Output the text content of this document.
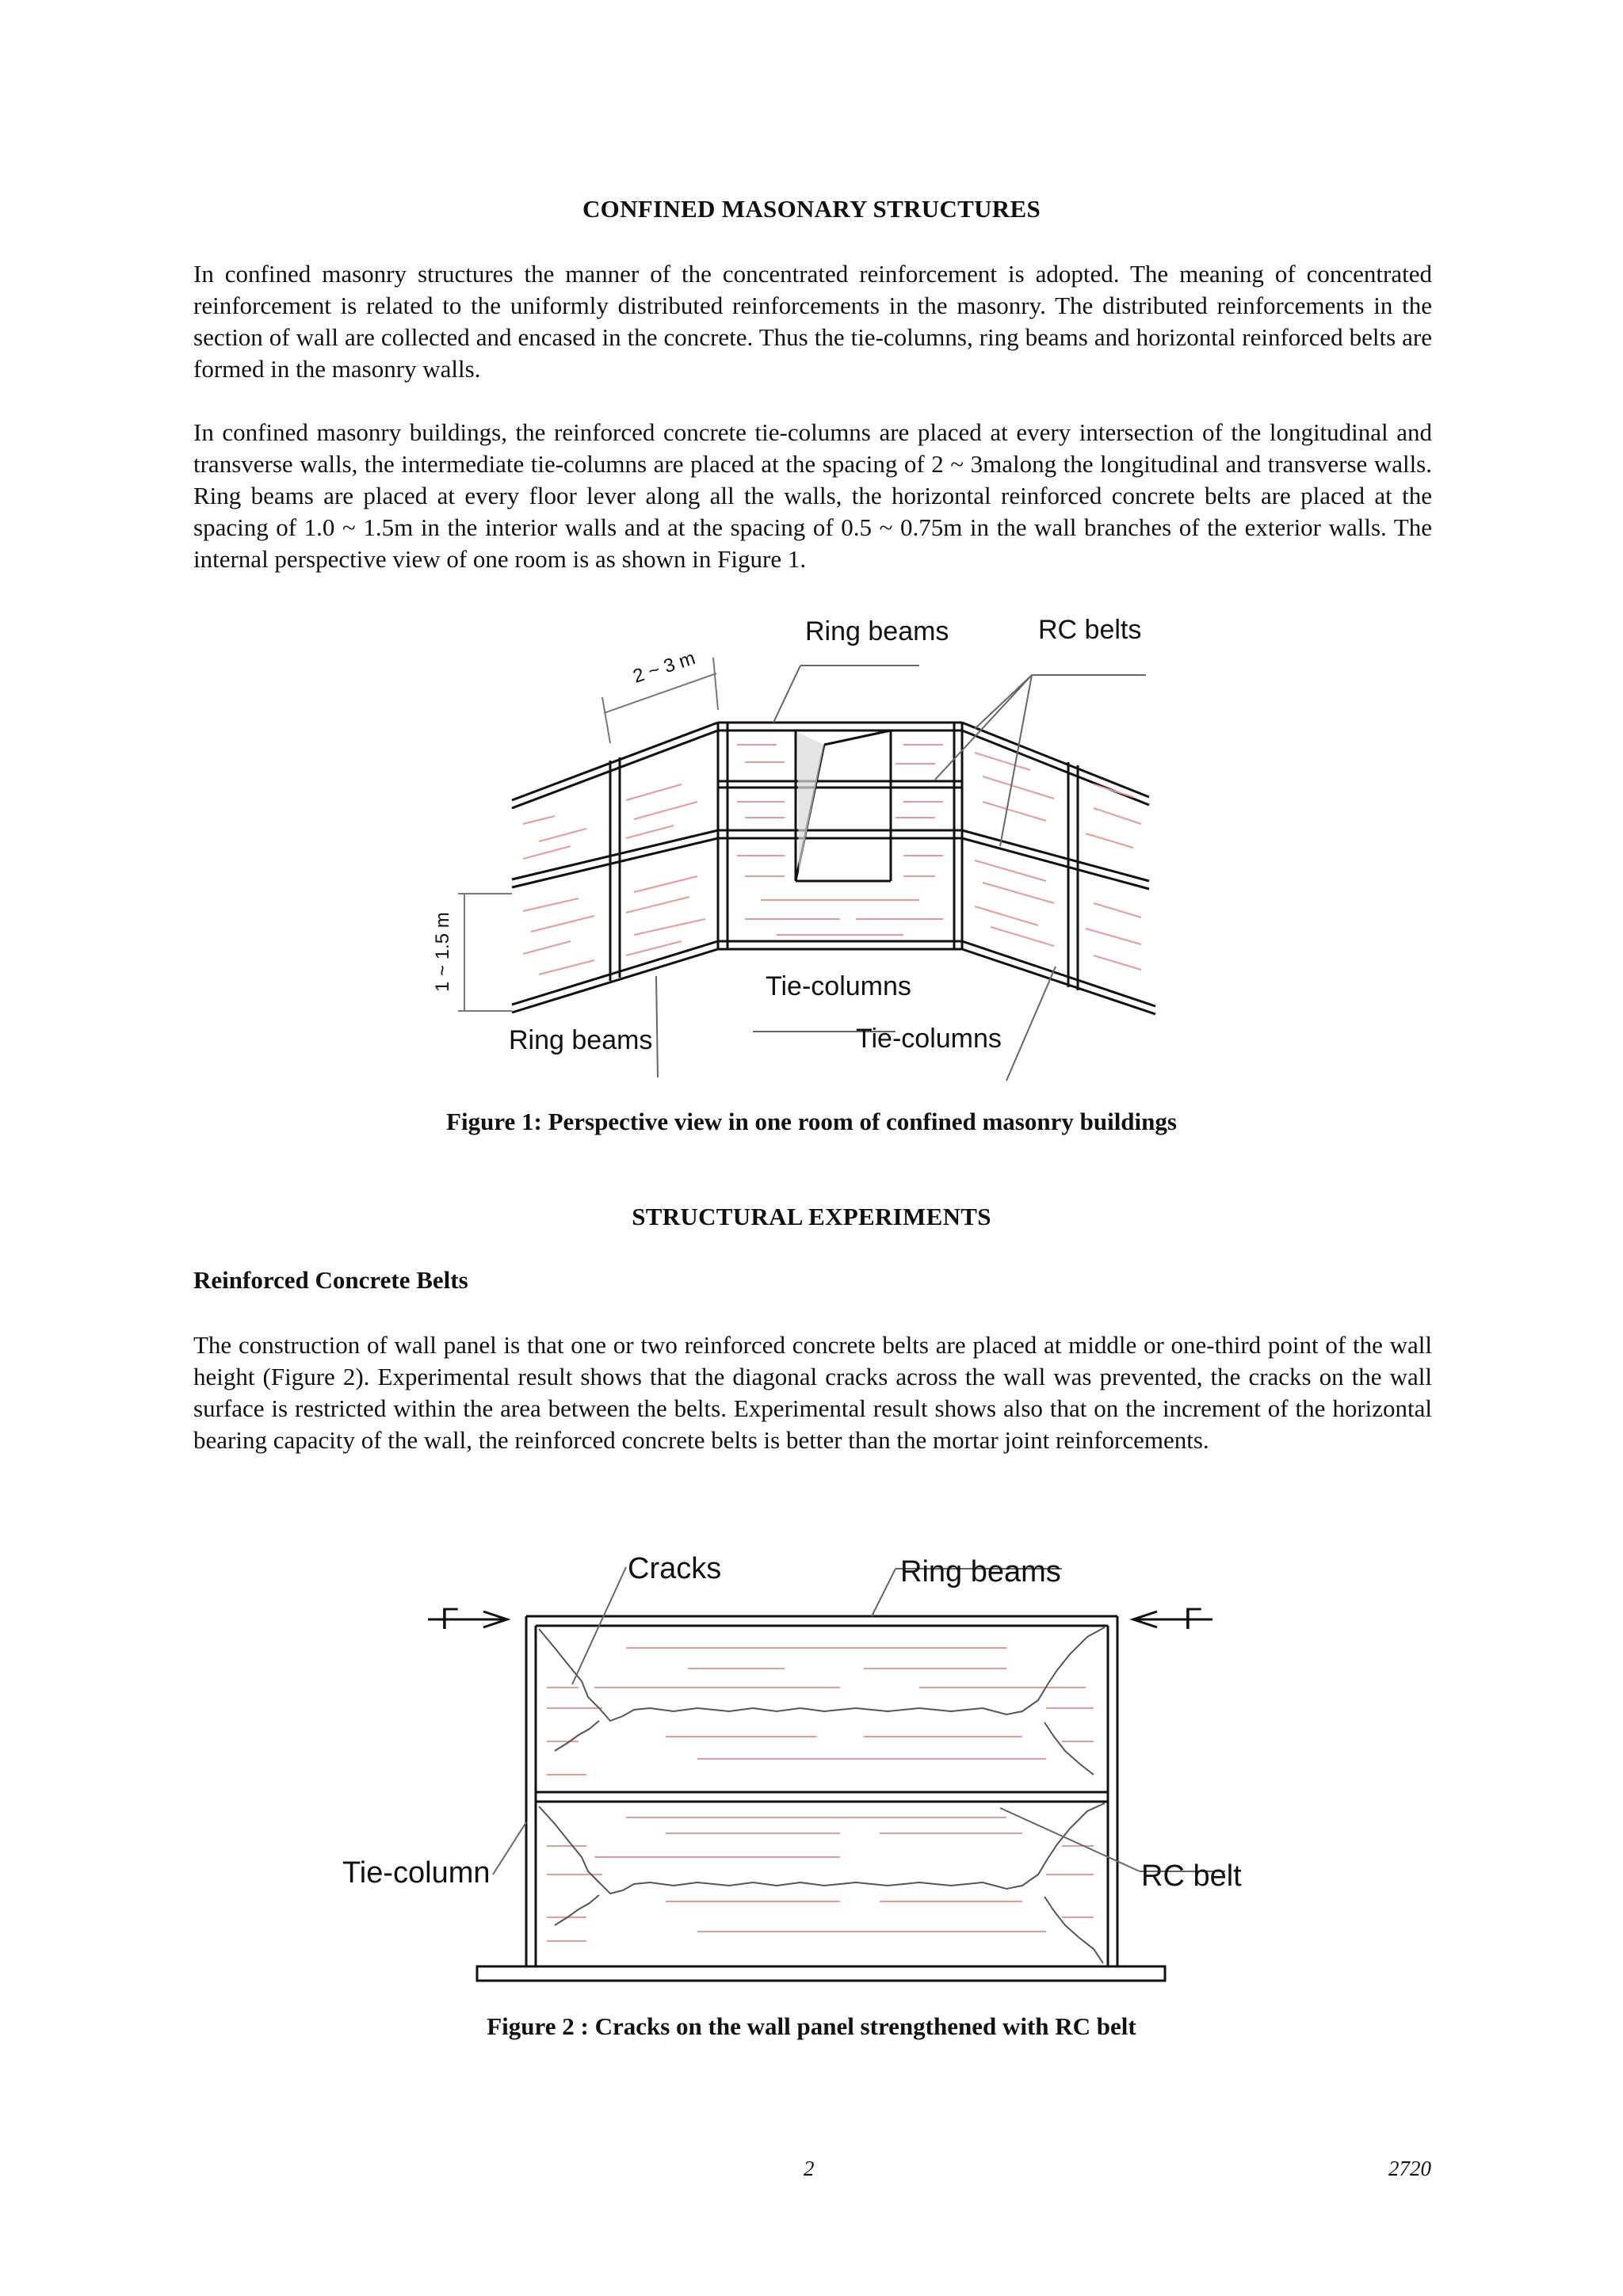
CONFINED MASONARY STRUCTURES
In confined masonry structures the manner of the concentrated reinforcement is adopted. The meaning of concentrated reinforcement is related to the uniformly distributed reinforcements in the masonry. The distributed reinforcements in the section of wall are collected and encased in the concrete. Thus the tie-columns, ring beams and horizontal reinforced belts are formed in the masonry walls.
In confined masonry buildings, the reinforced concrete tie-columns are placed at every intersection of the longitudinal and transverse walls, the intermediate tie-columns are placed at the spacing of 2 ~ 3malong the longitudinal and transverse walls. Ring beams are placed at every floor lever along all the walls, the horizontal reinforced concrete belts are placed at the spacing of 1.0 ~ 1.5m in the interior walls and at the spacing of 0.5 ~ 0.75m in the wall branches of the exterior walls. The internal perspective view of one room is as shown in Figure 1.
Ring beams	RC belts
2 ~ 3 m
1 ~ 1.5 m	Tie-columns
Tie-columns
Ring beams
Figure 1: Perspective view in one room of confined masonry buildings
STRUCTURAL EXPERIMENTS
Reinforced Concrete Belts
The construction of wall panel is that one or two reinforced concrete belts are placed at middle or one-third point of the wall height (Figure 2). Experimental result shows that the diagonal cracks across the wall was prevented, the cracks on the wall surface is restricted within the area between the belts. Experimental result shows also that on the increment of the horizontal bearing capacity of the wall, the reinforced concrete belts is better than the mortar joint reinforcements.
Cracks	Ring beams
F	F
Tie-column	RC belt
Figure 2 : Cracks on the wall panel strengthened with RC belt
2	2720
